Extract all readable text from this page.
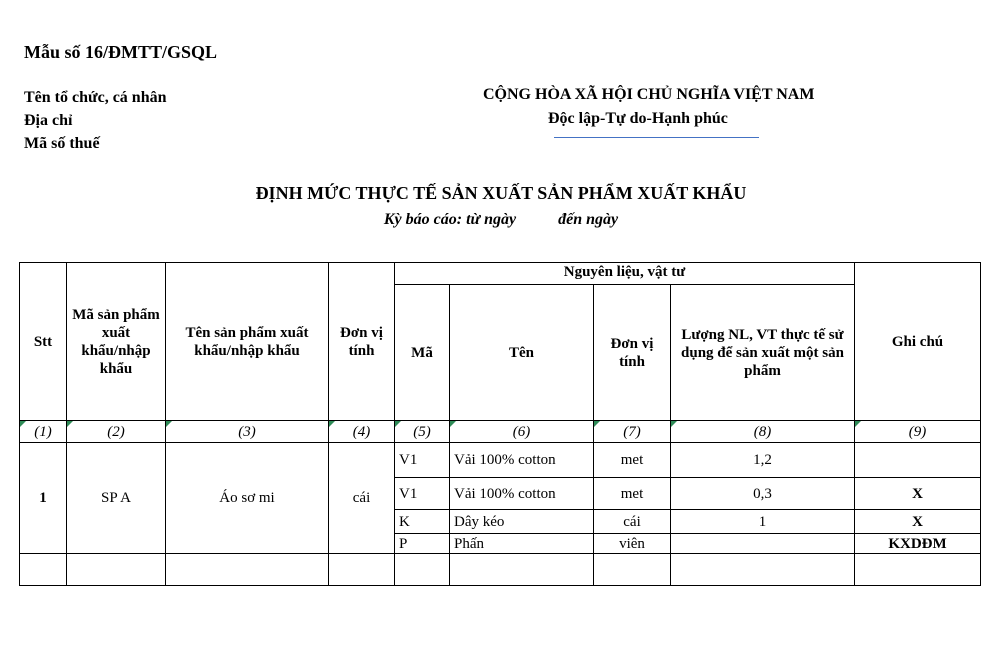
Mẫu số 16/ĐMTT/GSQL
Tên tổ chức, cá nhân
Địa chỉ
Mã số thuế
CỘNG HÒA XÃ HỘI CHỦ NGHĨA VIỆT NAM
Độc lập-Tự do-Hạnh phúc
ĐỊNH MỨC THỰC TẾ SẢN XUẤT SẢN PHẨM XUẤT KHẨU
Kỳ báo cáo: từ ngày	đến ngày
Stt	Mã sản phẩm xuất khẩu/nhập khẩu	Tên sản phẩm xuất khẩu/nhập khẩu	Đơn vị tính	Nguyên liệu, vật tư				Ghi chú
				Mã	Tên	Đơn vị tính	Lượng NL, VT thực tế sử dụng để sản xuất một sản phẩm	

(1)	(2)	(3)	(4)	(5)	(6)	(7)	(8)	(9)
1	SP A	Áo sơ mi	cái	V1	Vải 100% cotton	met	1,2	
				V1	Vải 100% cotton	met	0,3	X
				K	Dây kéo	cái	1	X
				P	Phấn	viên		KXDĐM
